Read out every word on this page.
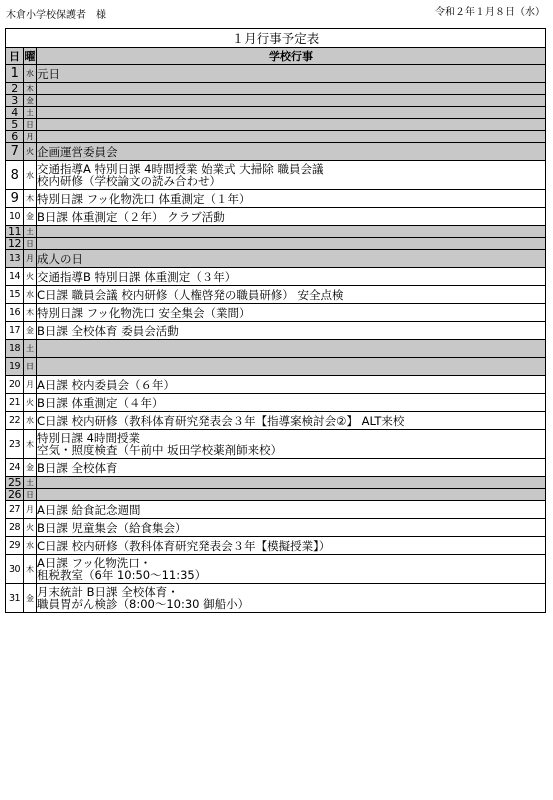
木倉小学校保護者　様	令和２年１月８日（水）
１月行事予定表		
日	曜	学校行事
1	水	元日

2	木	
3	金	
4	土	
5	日	
6	月	
7	火	企画運営委員会

8	水	交通指導A 特別日課 4時間授業 始業式 大掃除 職員会議
校内研修（学校論文の読み合わせ）

9	木	特別日課 フッ化物洗口 体重測定（１年）

10	金	B日課 体重測定（２年） クラブ活動

11	土	
12	日	
13	月	成人の日

14	火	交通指導B 特別日課 体重測定（３年）

15	水	C日課 職員会議 校内研修（人権啓発の職員研修） 安全点検

16	木	特別日課 フッ化物洗口 安全集会（業間）

17	金	B日課 全校体育 委員会活動

18	土	
19	日	
20	月	A日課 校内委員会（６年）

21	火	B日課 体重測定（４年）

22	水	C日課 校内研修（教科体育研究発表会３年【指導案検討会②】 ALT来校

23	木	特別日課 4時間授業
空気・照度検査（午前中 坂田学校薬剤師来校）

24	金	B日課 全校体育

25	土	
26	日	
27	月	A日課 給食記念週間

28	火	B日課 児童集会（給食集会）

29	水	C日課 校内研修（教科体育研究発表会３年【模擬授業】）

30	木	A日課 フッ化物洗口・
租税教室（6年 10:50～11:35）

31	金	月末統計 B日課 全校体育・
職員胃がん検診（8:00～10:30 御船小）
